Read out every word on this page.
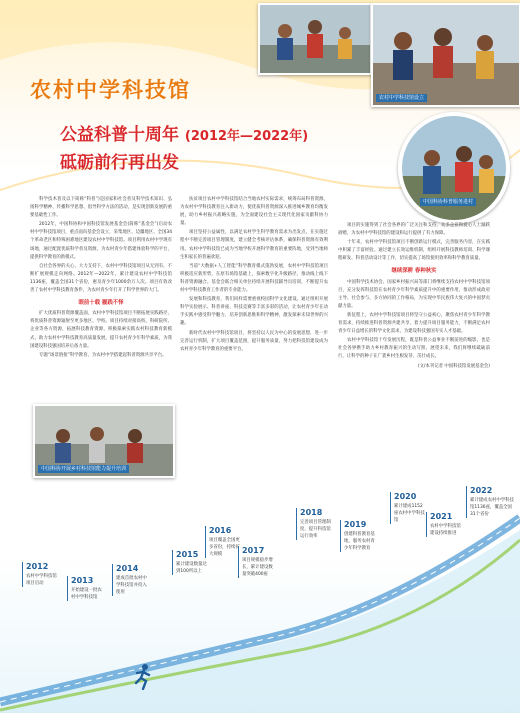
农村中学科技馆设立
中国科协科普服务进村
农村中学科技馆
公益科普十周年 (2012年—2022年)
砥砺前行再出发

科学技术普及以下简称“科普”)是国家和社会普及科学技术知识、弘扬科学精神、传播科学思想、倡导科学方法的活动，是实现创新发展的重要基础性工作。

2012年，中国科协和中国科技馆发展基金会(简称“基金会”)启动农村中学科技馆项目，重点面向基金会设立，采集地区、边疆地区、全国34个革命老区和特殊困难地区建设农村中学科技馆。项目利用农村中学现有场地，通过配置优质科学普及资源，为农村青少年搭建体验科学的平台，提供科学教育的新模式。

自社会各界的关心、大力支持下，农村中学科技馆项目从无到有、不断扩展规模走向网络。2012年—2022年，累计建设农村中学科技馆1136座，覆盖全国31个省份，惠及青少年1000余万人次。项目有效改善了农村中学科技教育条件，为农村青少年打开了科学世界的大门。

眼前十载 履践不怿

扩大优质科普资源覆盖面，农村中学科技馆项目不断拓展实践路径，将优质科普资源辐射至更多地区、学校。项目持续对接高校、科研院所、企业等各方资源，拓展科技教育资源，积极探索实践农村科技教育新模式，助力农村中学科技教育高质量发展，提升农村青少年科学素质，为我国建设科技强国培养后备力量。

专题“场景链接”科学教育，为农村中学搭建起科普资源共享平台。

中国科协开展乡村科技馆能力提升培训

扶贫项目农村中学科技馆结合当地农村实际需求，统筹布局科普资源，为农村中学科技教育注入新动力，使优质科普资源深入推进城乡教育均衡发展，助力乡村振兴战略实施，为全面建设社会主义现代化国家贡献科协力量。

项目坚持公益属性，以满足农村学生科学教育需求为出发点，在实施过程中不断完善项目管理制度，建立健全考核评估体系，确保科普资源有效利用。农村中学科技馆已成为当地学校开展科学教育的重要阵地，受到当地师生和家长的普遍欢迎。

当前“大数据+人工智能”科学教育模式蓬勃发展，农村中学科技馆项目积极适应新形势，在原有场馆基础上，探索数字化升级路径，推动线上线下科普资源融合。基金会联合相关单位持续开展科技辅导员培训，不断提升农村中学科技教育工作者的专业能力。

发展和科技教育，我们同样需要重视校园科学文化建设。通过组织开展科学实验展示、科普讲座、科技竞赛等丰富多彩的活动，让农村青少年在动手实践中感受科学魅力，培养创新思维和科学精神，激发探索未知世界的兴趣。

新时代农村中学科技馆项目，将坚持以人民为中心的发展思想，进一步完善运行机制，扩大项目覆盖范围，提升服务质量，努力把科技馆建设成为农村青少年科学教育的重要平台。

项目的实施得到了社会各界的广泛关注和支持，众多企业和爱心人士踊跃捐赠，为农村中学科技馆的建设和运行提供了有力保障。

十年来，农村中学科技馆项目不断创新运行模式，完善服务内容，在实践中积累了丰富经验。通过建立长效运维机制，组织开展科技教师培训、科学课程研发、科普活动设计等工作，切实提高了场馆使用效率和科学教育质量。

继续深耕 春种秋实

中国科学技术协会、国家乡村振兴局等部门将继续支持农村中学科技馆项目，充分发挥科技馆在农村青少年科学素质提升中的重要作用，推动形成政府主导、社会参与、多方协同的工作格局，为实现中华民族伟大复兴的中国梦贡献力量。

新征程上，农村中学科技馆项目将坚守公益初心，聚焦农村青少年科学教育需求，持续推进科普资源共建共享，着力提升项目服务能力，不断满足农村青少年日益增长的科学文化需求，为建设科技强国夯实人才基础。

农村中学科技馆十年发展历程，既是科普公益事业不断前进的缩影，也是社会各界携手助力乡村教育振兴的生动写照。展望未来，我们将继续砥砺前行，让科学的种子在广袤乡村生根发芽、茁壮成长。

(文/本刊记者 中国科技馆发展基金会)
2012
农村中学科技馆项目启动	2013
开始建设一批农村中学科技馆
2014
建成首批农村中学科技馆并投入使用
2015
累计建设数量达到100所以上
2016
项目覆盖全国更多省份，持续扩大规模	2017
项目规模稳步增长，累计建设数量突破400座
2018
完善项目管理制度，提升科技馆运行效率
2019
创建科普教育基地，服务农村青少年科学教育
2020
累计建成1152座农村中学科技馆	2021
农村中学科技馆建设持续推进
2022
累计建成农村中学科技馆1136座，覆盖全国31个省份
